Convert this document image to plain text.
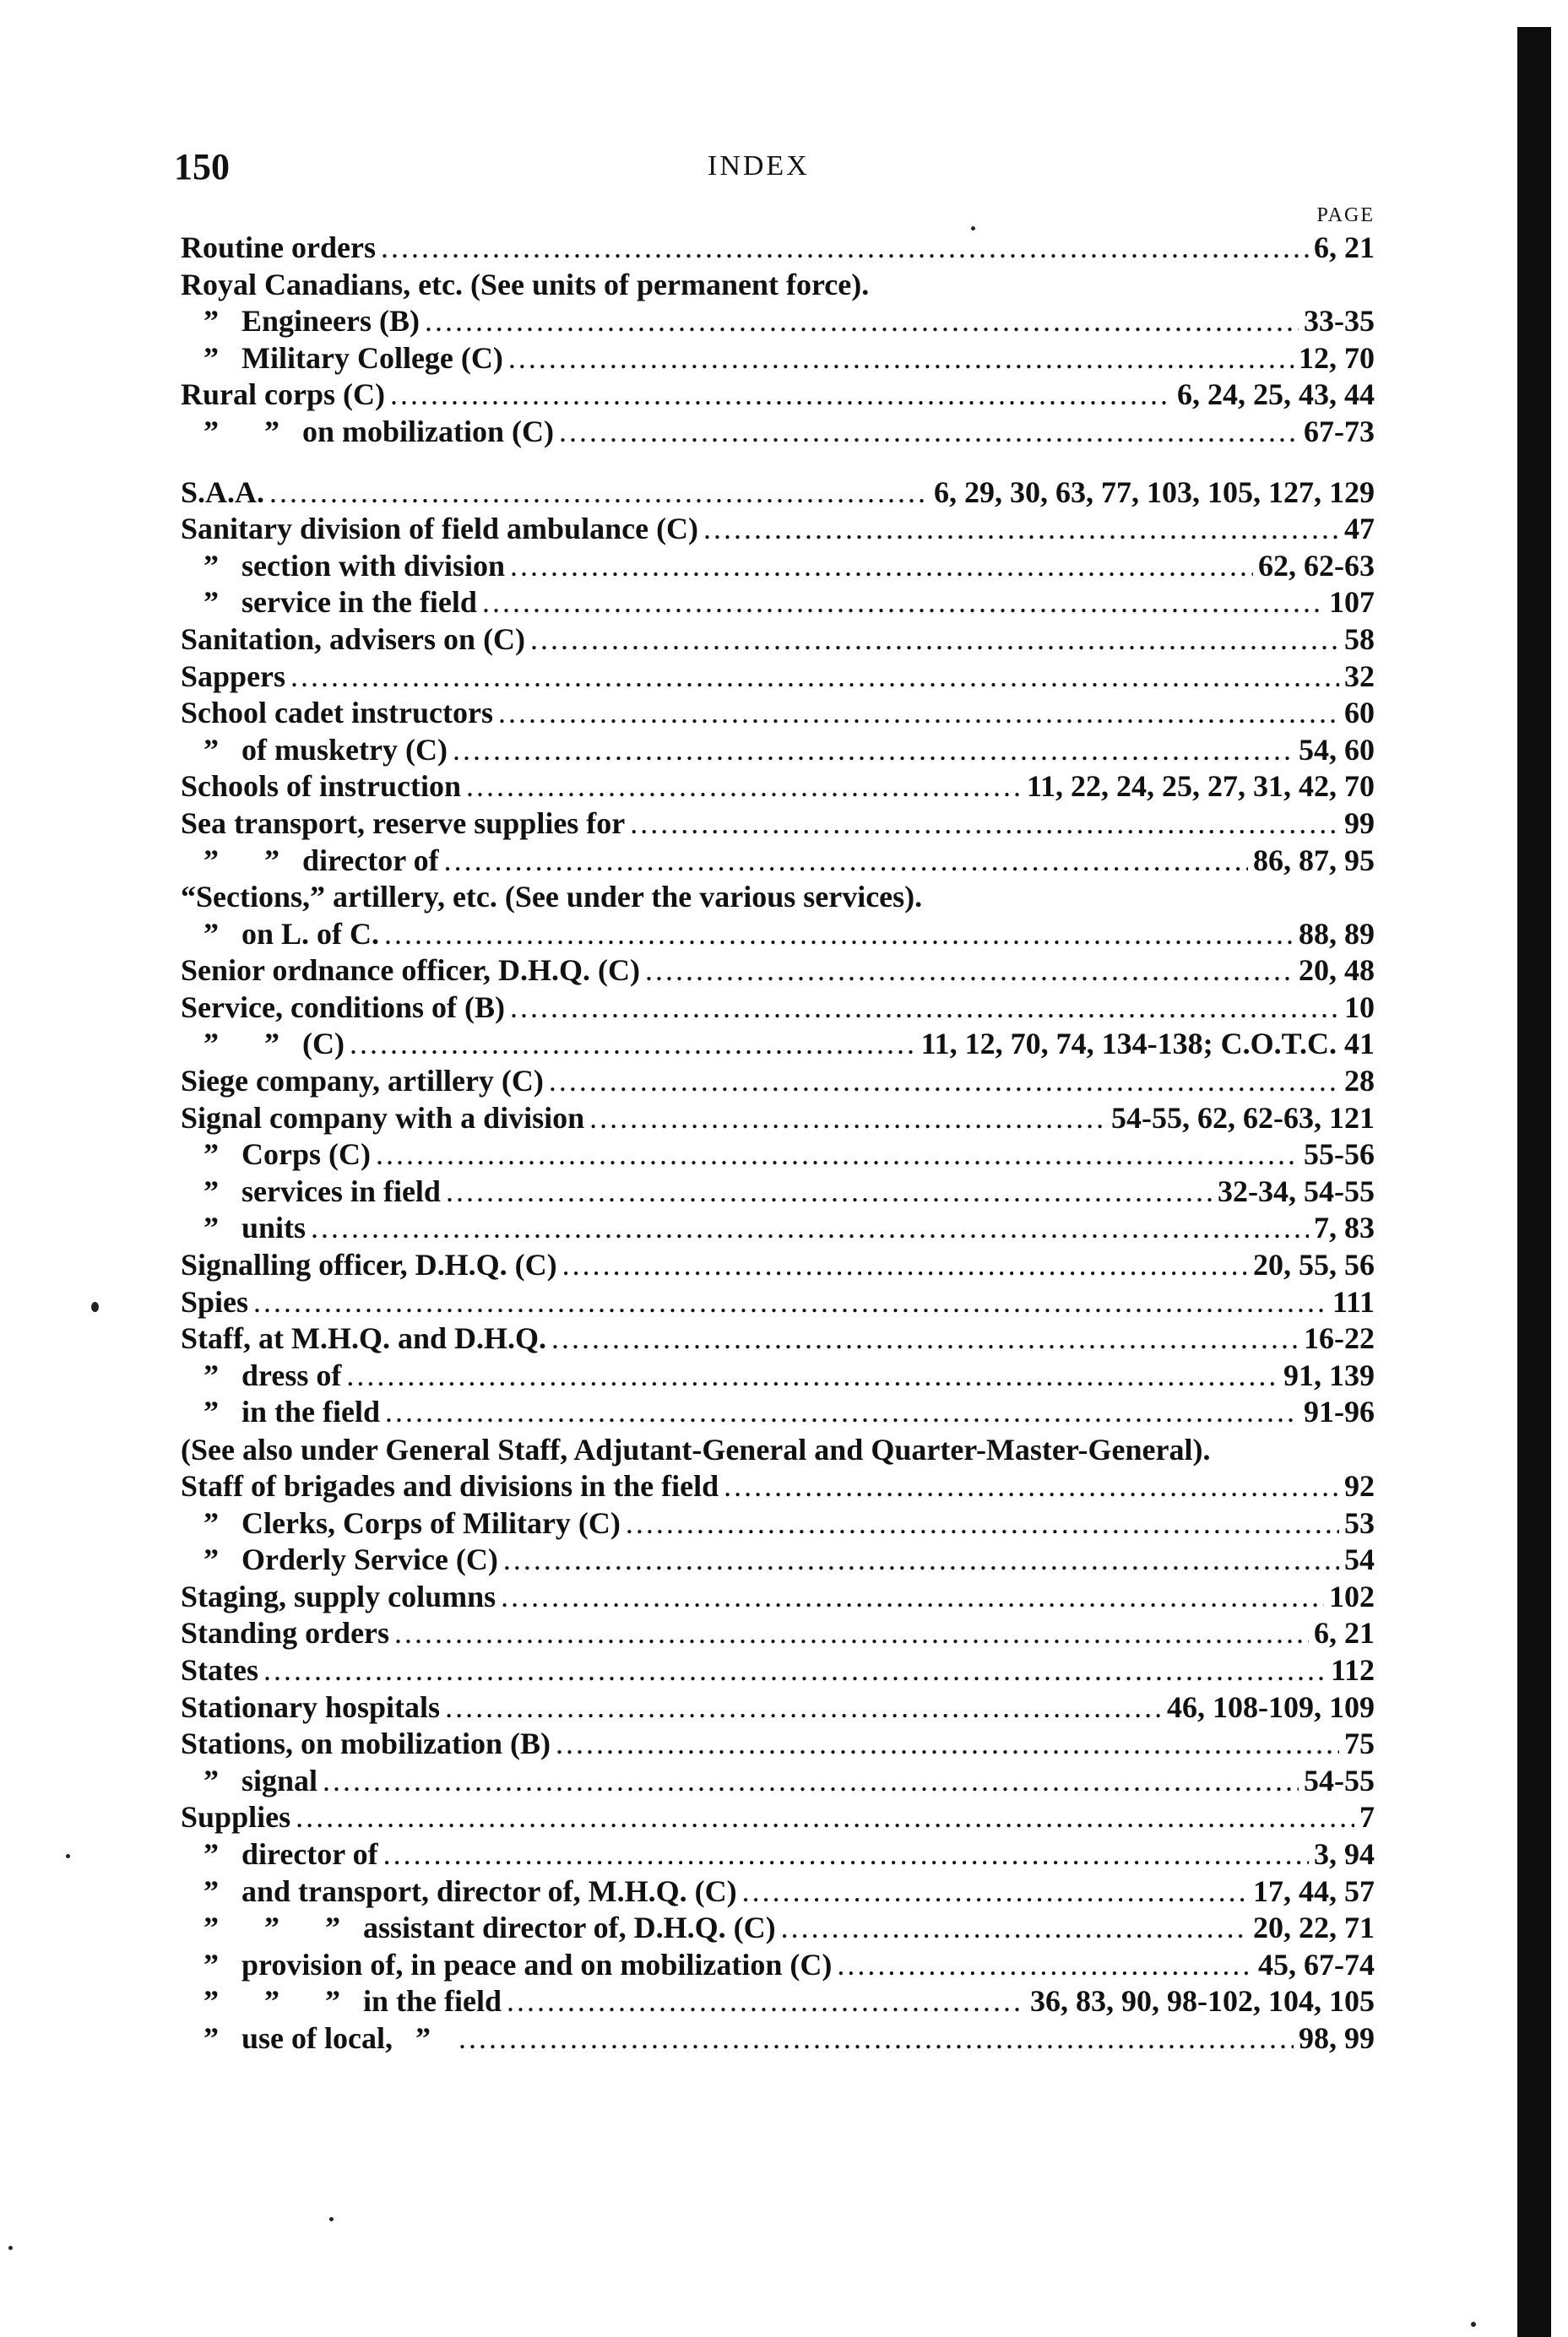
150	INDEX
PAGE
Routine orders .....	6, 21
Royal Canadians, etc. (See units of permanent force).
” Engineers (B) .....	33-35
” Military College (C) .....	12, 70
Rural corps (C) .....	6, 24, 25, 43, 44
”	” on mobilization (C) .....	67-73
S.A.A. .....	6, 29, 30, 63, 77, 103, 105, 127, 129
Sanitary division of field ambulance (C) .....	47
” section with division .....	62, 62-63
” service in the field .....	107
Sanitation, advisers on (C) .....	58
Sappers .....	32
School cadet instructors .....	60
” of musketry (C) .....	54, 60
Schools of instruction .....	11, 22, 24, 25, 27, 31, 42, 70
Sea transport, reserve supplies for .....	99
”	” director of .....	86, 87, 95
“Sections,” artillery, etc. (See under the various services).
” on L. of C. .....	88, 89
Senior ordnance officer, D.H.Q. (C) .....	20, 48
Service, conditions of (B) .....	10
”	” (C) .....	11, 12, 70, 74, 134-138; C.O.T.C. 41
Siege company, artillery (C) .....	28
Signal company with a division .....	54-55, 62, 62-63, 121
” Corps (C) .....	55-56
” services in field .....	32-34, 54-55
” units .....	7, 83
Signalling officer, D.H.Q. (C) .....	20, 55, 56
Spies .....	111
Staff, at M.H.Q. and D.H.Q. .....	16-22
” dress of .....	91, 139
” in the field .....	91-96
(See also under General Staff, Adjutant-General and Quarter-Master-General).
Staff of brigades and divisions in the field .....	92
” Clerks, Corps of Military (C) .....	53
” Orderly Service (C) .....	54
Staging, supply columns .....	102
Standing orders .....	6, 21
States .....	112
Stationary hospitals .....	46, 108-109, 109
Stations, on mobilization (B) .....	75
” signal .....	54-55
Supplies .....	7
” director of .....	3, 94
” and transport, director of, M.H.Q. (C) .....	17, 44, 57
”	”	” assistant director of, D.H.Q. (C) .....	20, 22, 71
” provision of, in peace and on mobilization (C) .....	45, 67-74
”	”	” in the field .....	36, 83, 90, 98-102, 104, 105
” use of local, ” .....	98, 99
